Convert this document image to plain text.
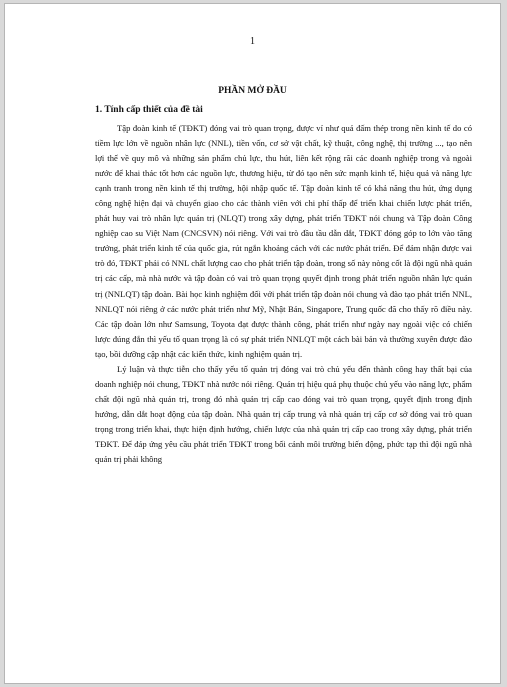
1
PHẦN MỞ ĐẦU
1. Tính cấp thiết của đề tài

Tập đoàn kinh tế (TĐKT) đóng vai trò quan trọng, được ví như quả đấm thép trong nền kinh tế do có tiềm lực lớn về nguồn nhân lực (NNL), tiền vốn, cơ sở vật chất, kỹ thuật, công nghệ, thị trường ..., tạo nên lợi thế về quy mô và những sản phẩm chủ lực, thu hút, liên kết rộng rãi các doanh nghiệp trong và ngoài nước để khai thác tốt hơn các nguồn lực, thương hiệu, từ đó tạo nên sức mạnh kinh tế, hiệu quả và năng lực cạnh tranh trong nền kinh tế thị trường, hội nhập quốc tế. Tập đoàn kinh tế có khả năng thu hút, ứng dụng công nghệ hiện đại và chuyển giao cho các thành viên với chi phí thấp để triển khai chiến lược phát triển, phát huy vai trò nhân lực quản trị (NLQT) trong xây dựng, phát triển TĐKT nói chung và Tập đoàn Công nghiệp cao su Việt Nam (CNCSVN) nói riêng. Với vai trò đầu tầu dẫn dắt, TĐKT đóng góp to lớn vào tăng trưởng, phát triển kinh tế của quốc gia, rút ngắn khoảng cách với các nước phát triển. Để đảm nhận được vai trò đó, TĐKT phải có NNL chất lượng cao cho phát triển tập đoàn, trong số này nòng cốt là đội ngũ nhà quản trị các cấp, mà nhà nước và tập đoàn có vai trò quan trọng quyết định trong phát triển nguồn nhân lực quản trị (NNLQT) tập đoàn. Bài học kinh nghiệm đối với phát triển tập đoàn nói chung và đào tạo phát triển NNL, NNLQT nói riêng ở các nước phát triển như Mỹ, Nhật Bản, Singapore, Trung quốc đã cho thấy rõ điều này. Các tập đoàn lớn như Samsung, Toyota đạt được thành công, phát triển như ngày nay ngoài việc có chiến lược đúng đắn thì yếu tố quan trọng là có sự phát triển NNLQT một cách bài bản và thường xuyên được đào tạo, bồi dưỡng cập nhật các kiến thức, kinh nghiệm quản trị.

Lý luận và thực tiễn cho thấy yếu tố quản trị đóng vai trò chủ yếu đến thành công hay thất bại của doanh nghiệp nói chung, TĐKT nhà nước nói riêng. Quản trị hiệu quả phụ thuộc chủ yếu vào năng lực, phẩm chất đội ngũ nhà quản trị, trong đó nhà quản trị cấp cao đóng vai trò quan trọng, quyết định trong định hướng, dẫn dắt hoạt động của tập đoàn. Nhà quản trị cấp trung và nhà quản trị cấp cơ sở đóng vai trò quan trọng trong triển khai, thực hiện định hướng, chiến lược của nhà quản trị cấp cao trong xây dựng, phát triển TĐKT. Để đáp ứng yêu cầu phát triển TĐKT trong bối cảnh môi trường biến động, phức tạp thì đội ngũ nhà quản trị phải không
